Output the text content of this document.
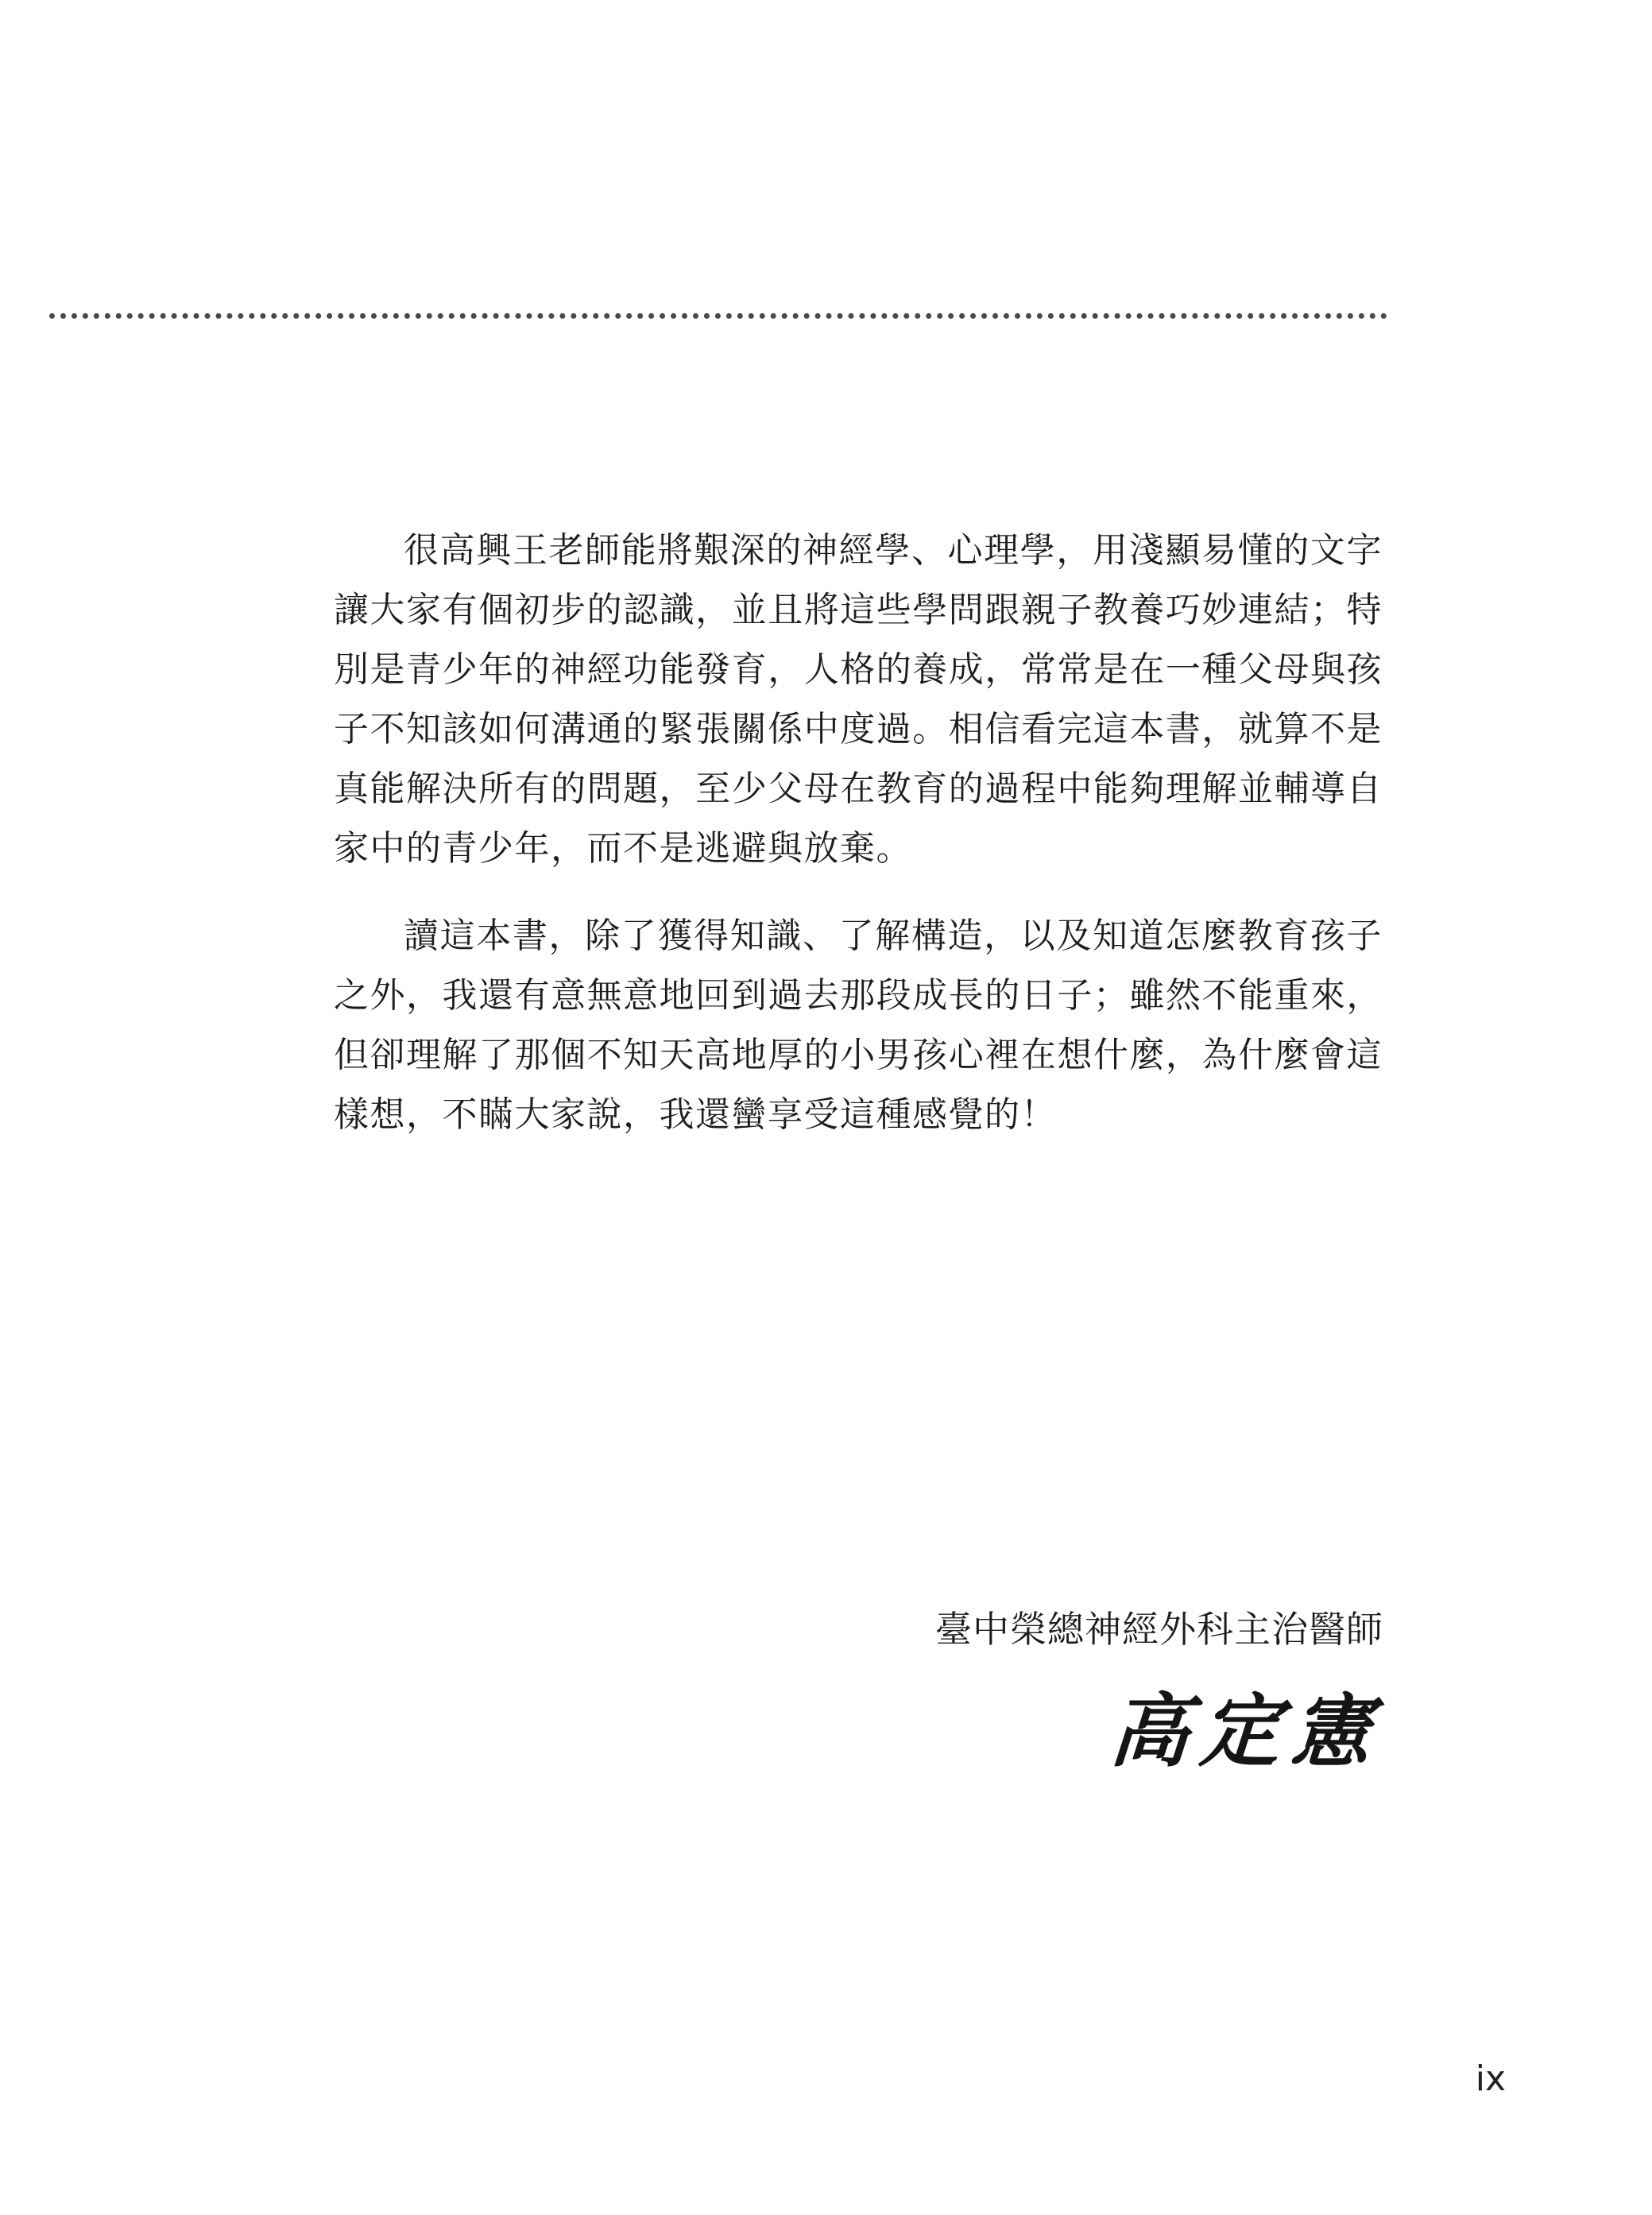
很高興王老師能將艱深的神經學、心理學，用淺顯易懂的文字讓大家有個初步的認識，並且將這些學問跟親子教養巧妙連結；特別是青少年的神經功能發育，人格的養成，常常是在一種父母與孩子不知該如何溝通的緊張關係中度過。相信看完這本書，就算不是真能解決所有的問題，至少父母在教育的過程中能夠理解並輔導自家中的青少年，而不是逃避與放棄。

讀這本書，除了獲得知識、了解構造，以及知道怎麼教育孩子之外，我還有意無意地回到過去那段成長的日子；雖然不能重來，但卻理解了那個不知天高地厚的小男孩心裡在想什麼，為什麼會這樣想，不瞞大家說，我還蠻享受這種感覺的！

臺中榮總神經外科主治醫師

高定憲

ix
